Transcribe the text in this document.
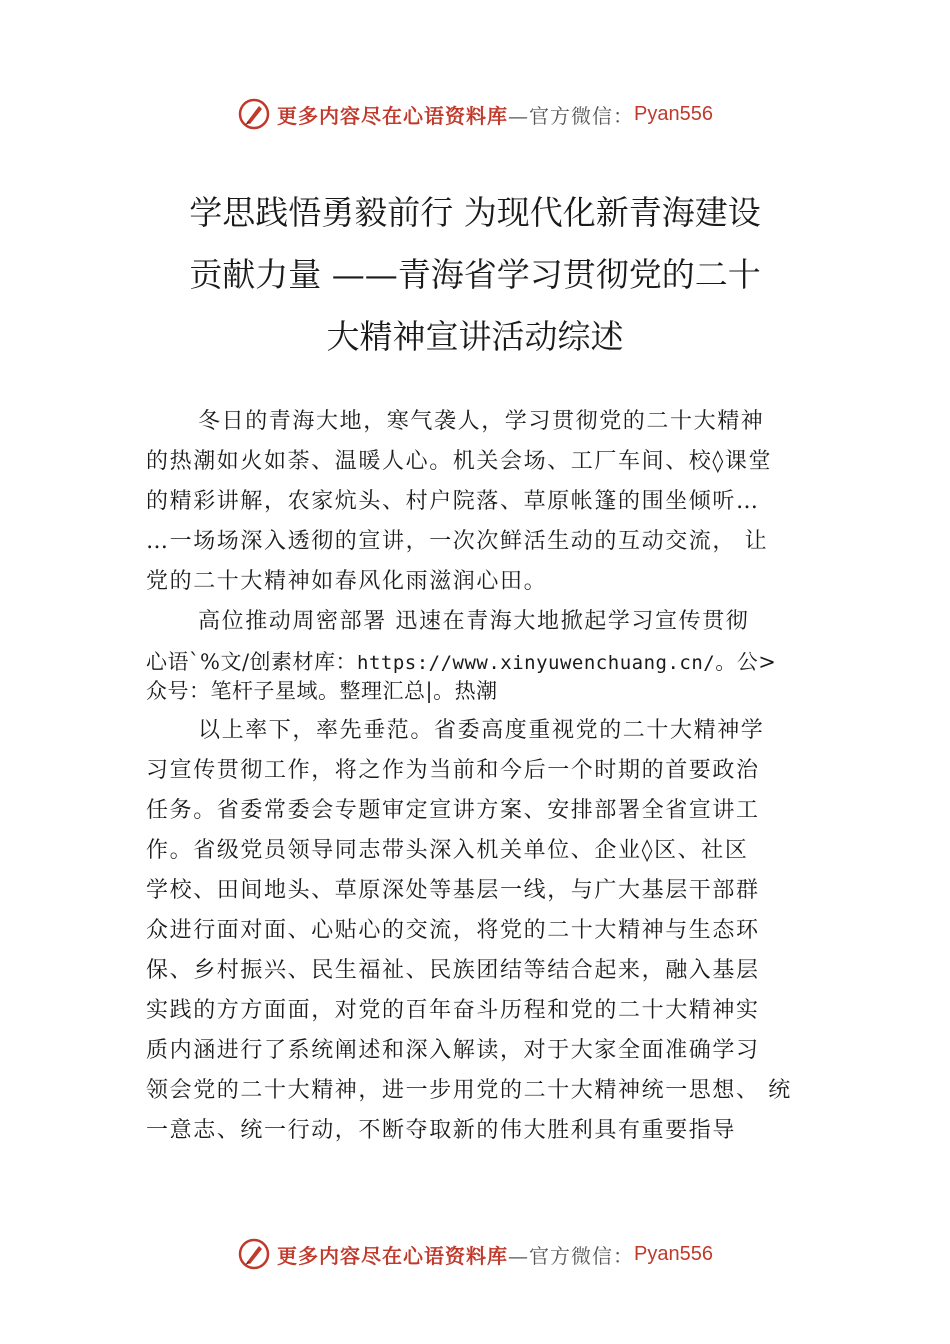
更多内容尽在心语资料库 —官方微信： Pyan556
学思践悟勇毅前行 为现代化新青海建设
贡献力量 ——青海省学习贯彻党的二十
大精神宣讲活动综述
冬日的青海大地，寒气袭人，学习贯彻党的二十大精神
的热潮如火如荼、温暖人心。机关会场、工厂车间、校◊课堂
的精彩讲解，农家炕头、村户院落、草原帐篷的围坐倾听…
…一场场深入透彻的宣讲，一次次鲜活生动的互动交流， 让
党的二十大精神如春风化雨滋润心田。
高位推动周密部署 迅速在青海大地掀起学习宣传贯彻
心语`%文/创素材库：https://www.xinyuwenchuang.cn/。公>
众号：笔杆子星域。整理汇总|。热潮
以上率下，率先垂范。省委高度重视党的二十大精神学
习宣传贯彻工作，将之作为当前和今后一个时期的首要政治
任务。省委常委会专题审定宣讲方案、安排部署全省宣讲工
作。省级党员领导同志带头深入机关单位、企业◊区、社区
学校、田间地头、草原深处等基层一线，与广大基层干部群
众进行面对面、心贴心的交流，将党的二十大精神与生态环
保、乡村振兴、民生福祉、民族团结等结合起来，融入基层
实践的方方面面，对党的百年奋斗历程和党的二十大精神实
质内涵进行了系统阐述和深入解读，对于大家全面准确学习
领会党的二十大精神，进一步用党的二十大精神统一思想、 统
一意志、统一行动，不断夺取新的伟大胜利具有重要指导
更多内容尽在心语资料库 —官方微信： Pyan556
